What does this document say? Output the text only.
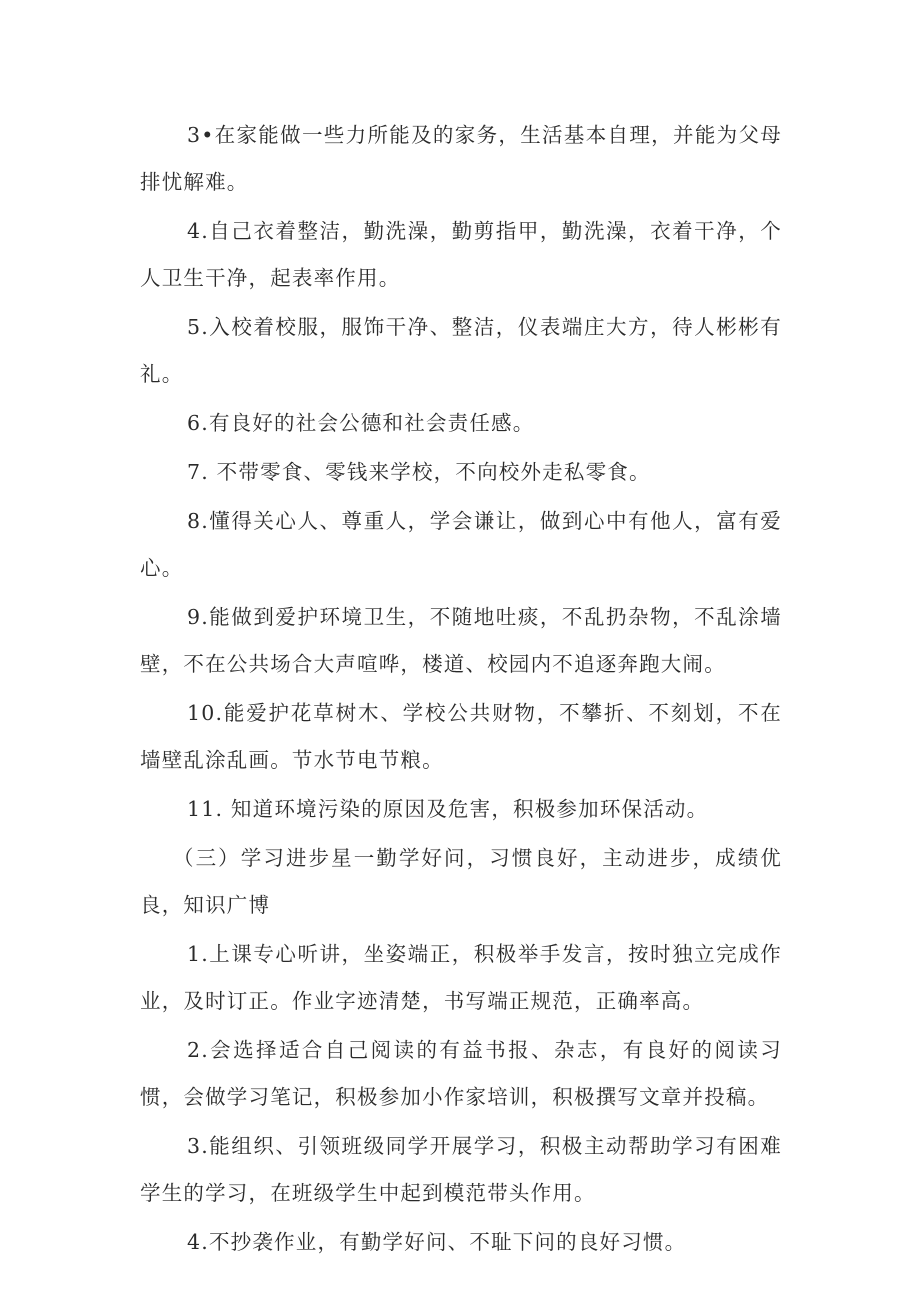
3•在家能做一些力所能及的家务，生活基本自理，并能为父母排忧解难。

4.自己衣着整洁，勤洗澡，勤剪指甲，勤洗澡，衣着干净，个人卫生干净，起表率作用。

5.入校着校服，服饰干净、整洁，仪表端庄大方，待人彬彬有礼。

6.有良好的社会公德和社会责任感。

7. 不带零食、零钱来学校，不向校外走私零食。

8.懂得关心人、尊重人，学会谦让，做到心中有他人，富有爱心。

9.能做到爱护环境卫生，不随地吐痰，不乱扔杂物，不乱涂墙壁，不在公共场合大声喧哗，楼道、校园内不追逐奔跑大闹。

10.能爱护花草树木、学校公共财物，不攀折、不刻划，不在墙壁乱涂乱画。节水节电节粮。

11. 知道环境污染的原因及危害，积极参加环保活动。

（三）学习进步星一勤学好问，习惯良好，主动进步，成绩优良，知识广博

1.上课专心听讲，坐姿端正，积极举手发言，按时独立完成作业，及时订正。作业字迹清楚，书写端正规范，正确率高。

2.会选择适合自己阅读的有益书报、杂志，有良好的阅读习惯，会做学习笔记，积极参加小作家培训，积极撰写文章并投稿。

3.能组织、引领班级同学开展学习，积极主动帮助学习有困难学生的学习，在班级学生中起到模范带头作用。

4.不抄袭作业，有勤学好问、不耻下问的良好习惯。
